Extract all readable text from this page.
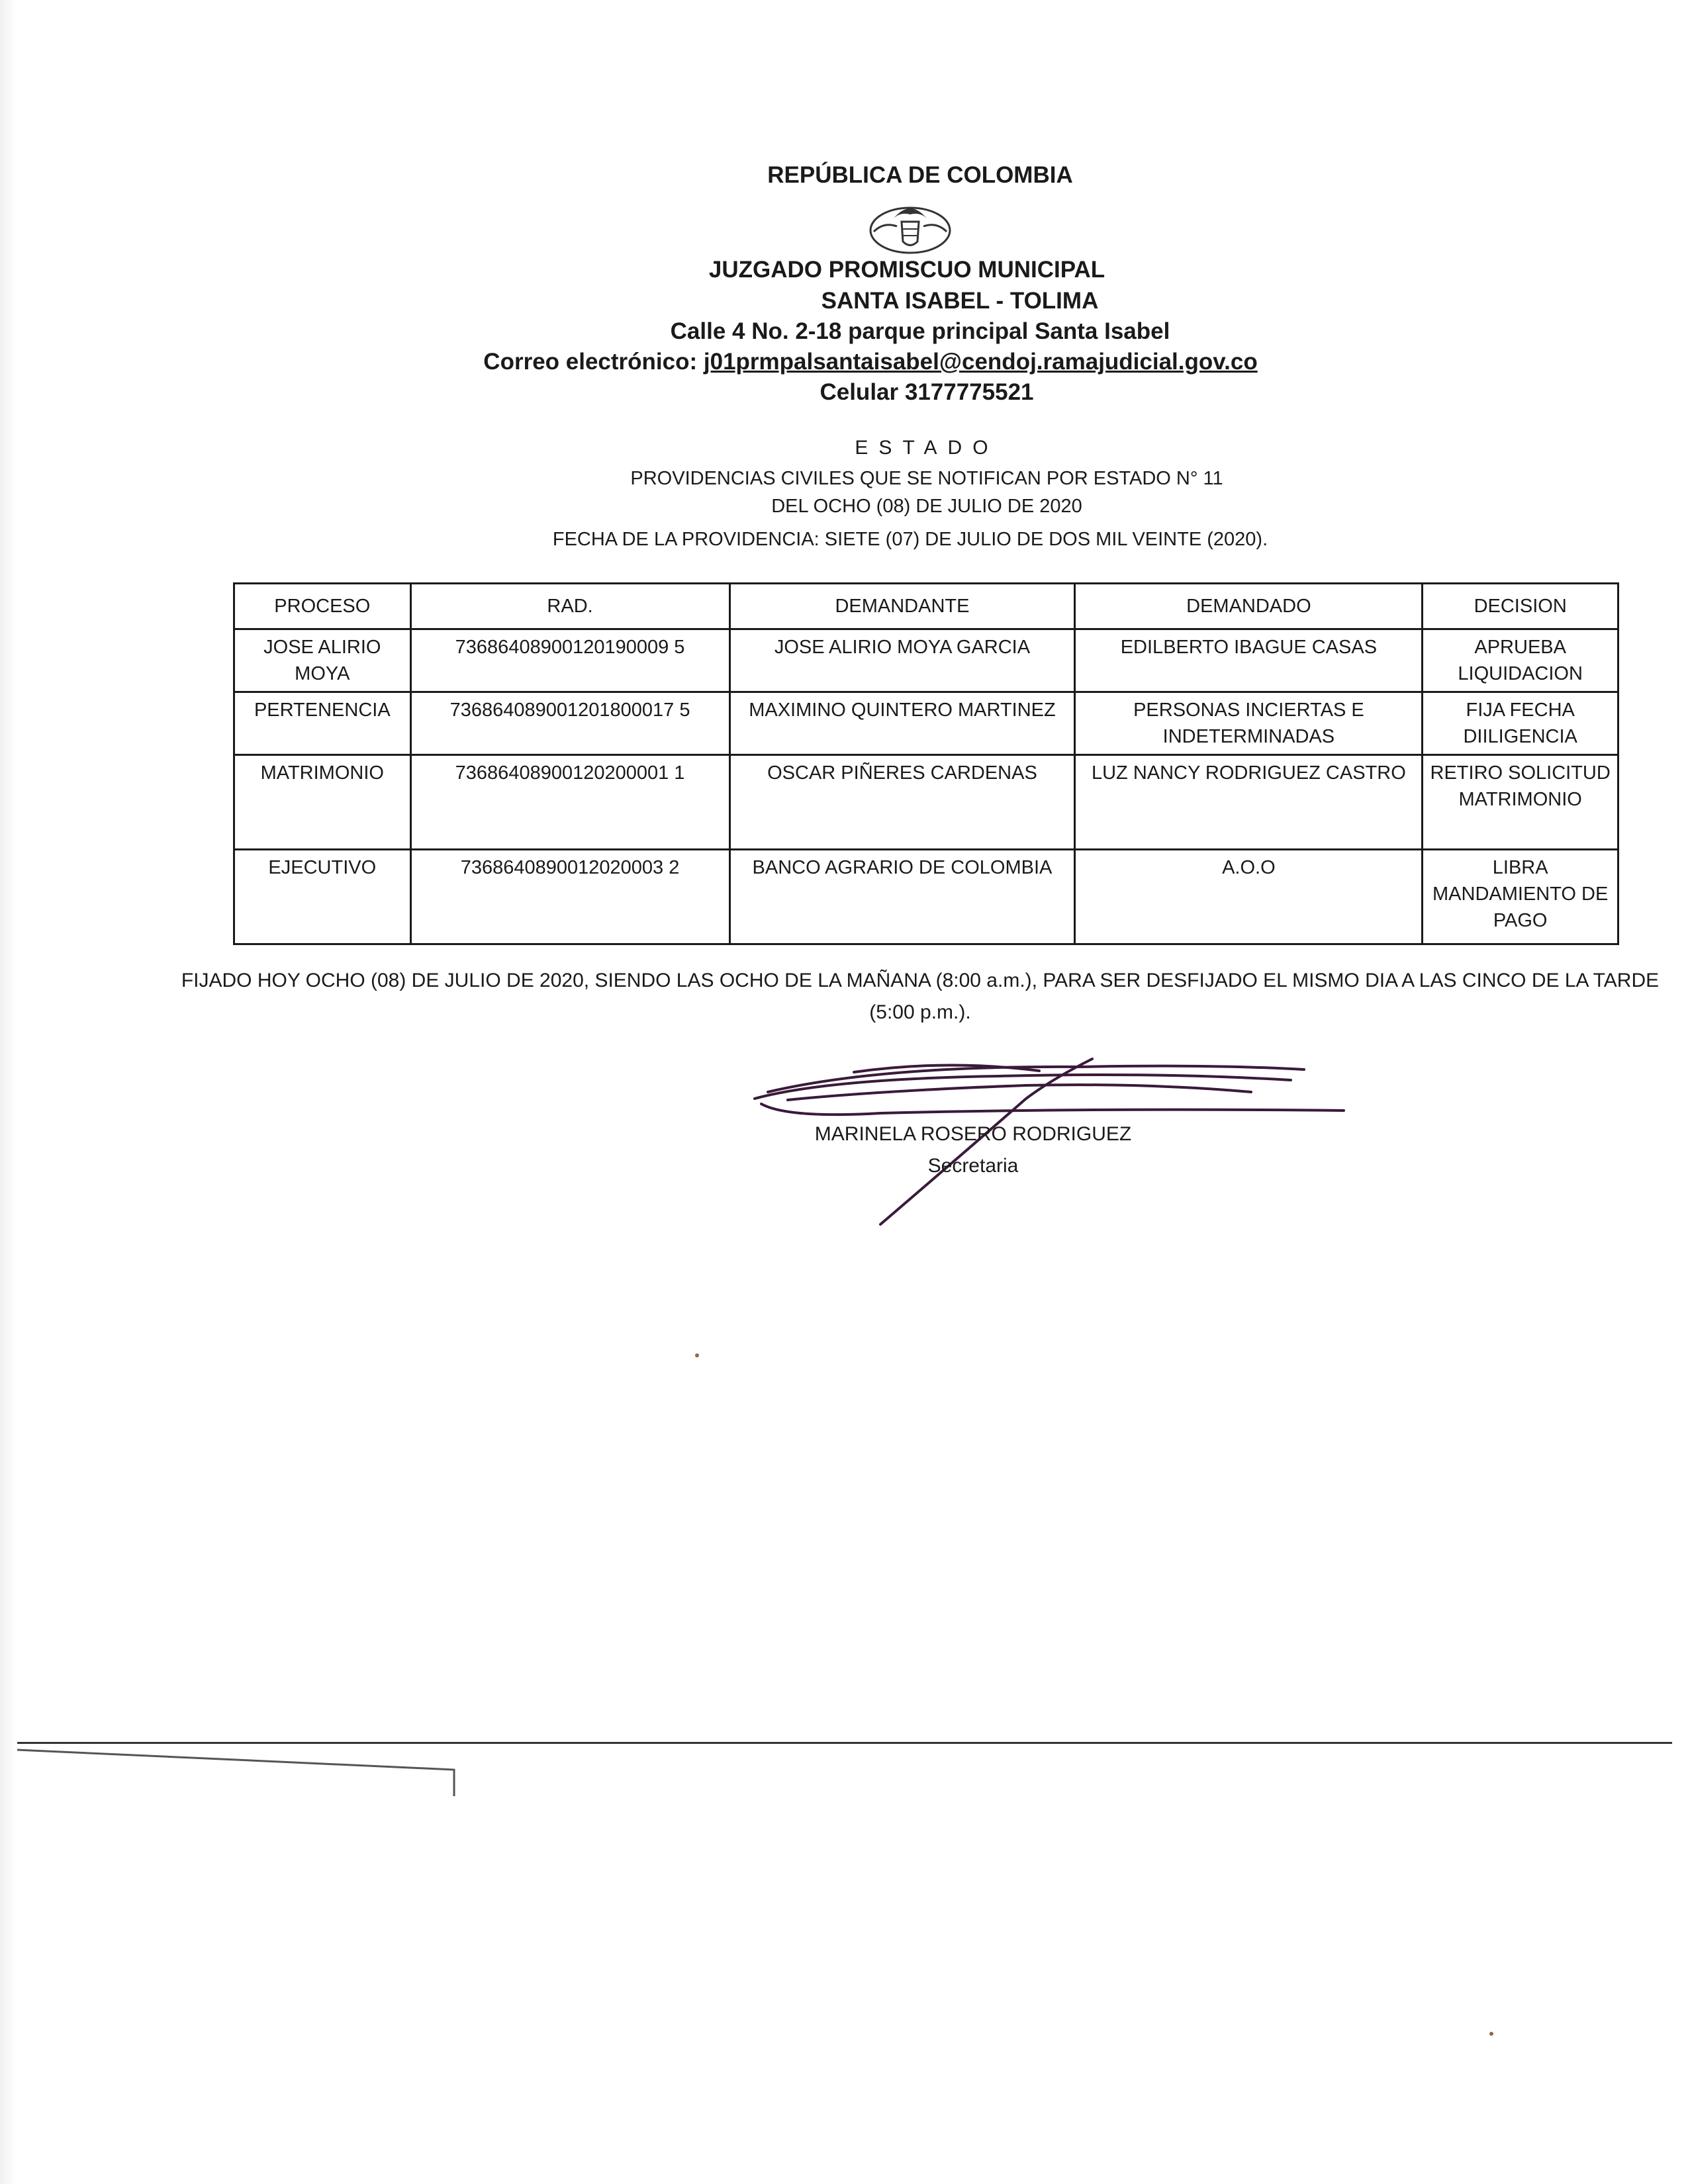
REPÚBLICA DE COLOMBIA
JUZGADO PROMISCUO MUNICIPAL
SANTA ISABEL - TOLIMA
Calle 4 No. 2-18 parque principal Santa Isabel
Correo electrónico: j01prmpalsantaisabel@cendoj.ramajudicial.gov.co
Celular 3177775521
ESTADO
PROVIDENCIAS CIVILES QUE SE NOTIFICAN POR ESTADO N° 11
DEL OCHO (08) DE JULIO DE 2020
FECHA DE LA PROVIDENCIA: SIETE (07) DE JULIO DE DOS MIL VEINTE (2020).
PROCESO	RAD.	DEMANDANTE	DEMANDADO	DECISION
JOSE ALIRIO MOYA	73686408900120190009 5	JOSE ALIRIO MOYA GARCIA	EDILBERTO IBAGUE CASAS	APRUEBA LIQUIDACION
PERTENENCIA	736864089001201800017 5	MAXIMINO QUINTERO MARTINEZ	PERSONAS INCIERTAS E INDETERMINADAS	FIJA FECHA DIILIGENCIA
MATRIMONIO	73686408900120200001 1	OSCAR PIÑERES CARDENAS	LUZ NANCY RODRIGUEZ CASTRO	RETIRO SOLICITUD MATRIMONIO
EJECUTIVO	7368640890012020003 2	BANCO AGRARIO DE COLOMBIA	A.O.O	LIBRA MANDAMIENTO DE PAGO
FIJADO HOY OCHO (08) DE JULIO DE 2020, SIENDO LAS OCHO DE LA MAÑANA (8:00 a.m.), PARA SER DESFIJADO EL MISMO DIA A LAS CINCO DE LA TARDE (5:00 p.m.).
MARINELA ROSERO RODRIGUEZ
Secretaria
